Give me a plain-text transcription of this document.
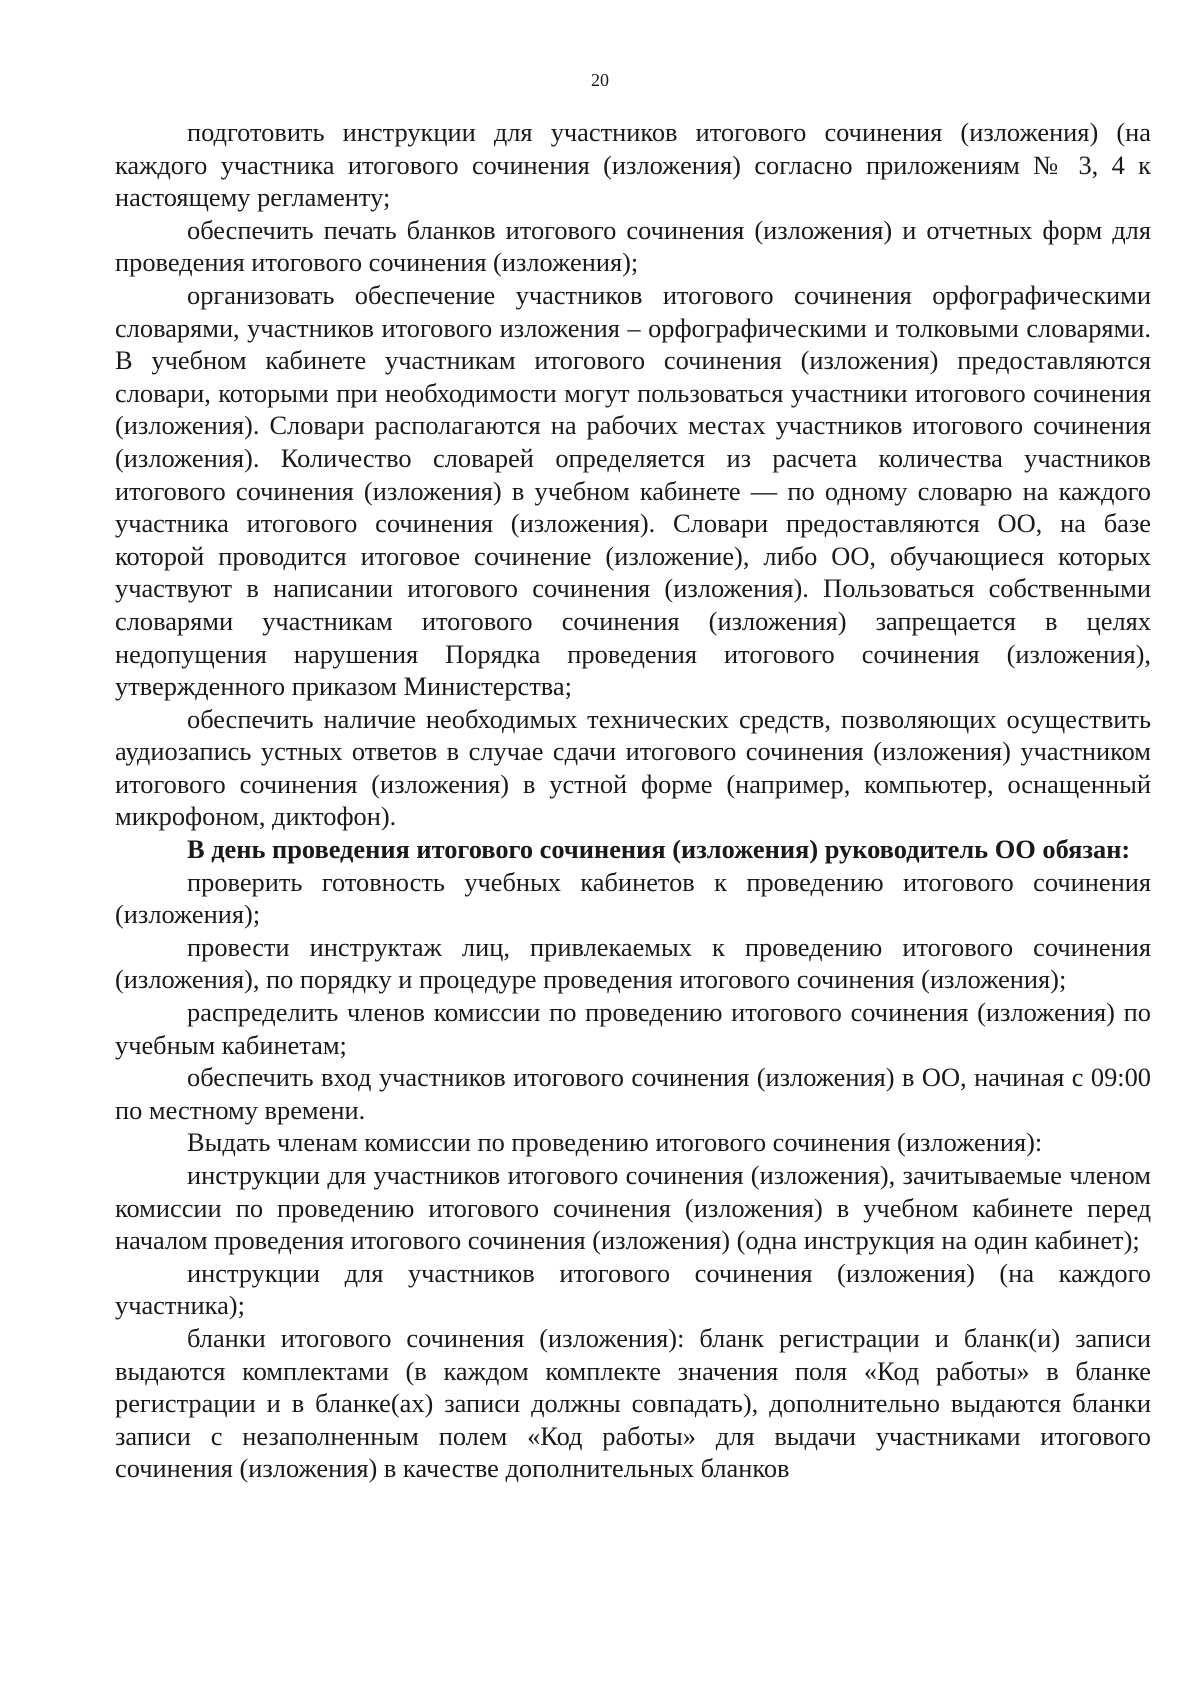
20

подготовить инструкции для участников итогового сочинения (изложения) (на каждого участника итогового сочинения (изложения) согласно приложениям № 3, 4 к настоящему регламенту;

обеспечить печать бланков итогового сочинения (изложения) и отчетных форм для проведения итогового сочинения (изложения);

организовать обеспечение участников итогового сочинения орфографическими словарями, участников итогового изложения – орфографическими и толковыми словарями. В учебном кабинете участникам итогового сочинения (изложения) предоставляются словари, которыми при необходимости могут пользоваться участники итогового сочинения (изложения). Словари располагаются на рабочих местах участников итогового сочинения (изложения). Количество словарей определяется из расчета количества участников итогового сочинения (изложения) в учебном кабинете — по одному словарю на каждого участника итогового сочинения (изложения). Словари предоставляются ОО, на базе которой проводится итоговое сочинение (изложение), либо ОО, обучающиеся которых участвуют в написании итогового сочинения (изложения). Пользоваться собственными словарями участникам итогового сочинения (изложения) запрещается в целях недопущения нарушения Порядка проведения итогового сочинения (изложения), утвержденного приказом Министерства;

обеспечить наличие необходимых технических средств, позволяющих осуществить аудиозапись устных ответов в случае сдачи итогового сочинения (изложения) участником итогового сочинения (изложения) в устной форме (например, компьютер, оснащенный микрофоном, диктофон).

В день проведения итогового сочинения (изложения) руководитель ОО обязан:

проверить готовность учебных кабинетов к проведению итогового сочинения (изложения);

провести инструктаж лиц, привлекаемых к проведению итогового сочинения (изложения), по порядку и процедуре проведения итогового сочинения (изложения);

распределить членов комиссии по проведению итогового сочинения (изложения) по учебным кабинетам;

обеспечить вход участников итогового сочинения (изложения) в ОО, начиная с 09:00 по местному времени.

Выдать членам комиссии по проведению итогового сочинения (изложения):

инструкции для участников итогового сочинения (изложения), зачитываемые членом комиссии по проведению итогового сочинения (изложения) в учебном кабинете перед началом проведения итогового сочинения (изложения) (одна инструкция на один кабинет);

инструкции для участников итогового сочинения (изложения) (на каждого участника);

бланки итогового сочинения (изложения): бланк регистрации и бланк(и) записи выдаются комплектами (в каждом комплекте значения поля «Код работы» в бланке регистрации и в бланке(ах) записи должны совпадать), дополнительно выдаются бланки записи с незаполненным полем «Код работы» для выдачи участниками итогового сочинения (изложения) в качестве дополнительных бланков
